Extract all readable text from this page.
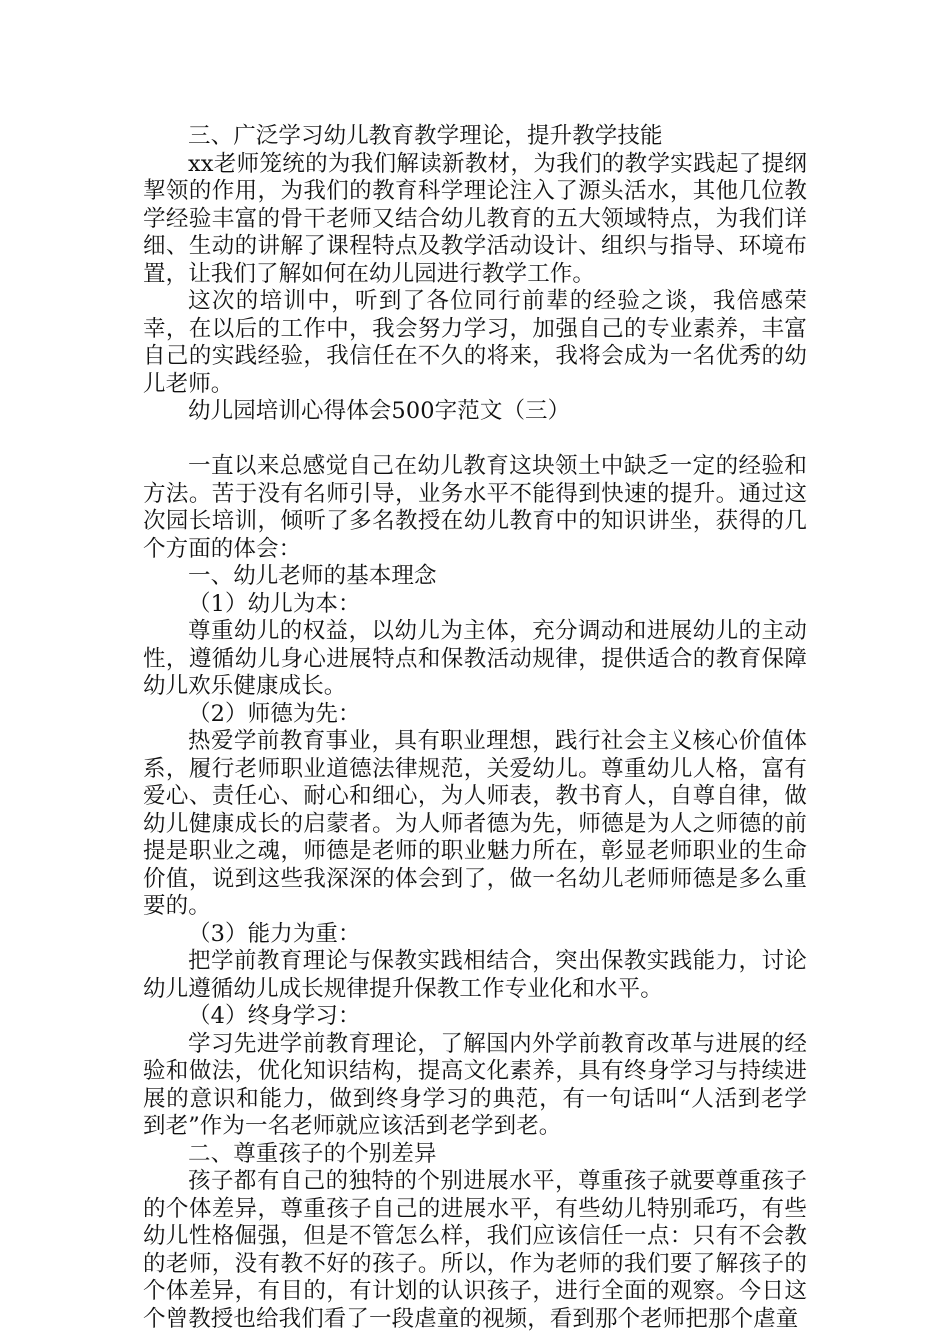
三、广泛学习幼儿教育教学理论，提升教学技能

xx老师笼统的为我们解读新教材，为我们的教学实践起了提纲挈领的作用，为我们的教育科学理论注入了源头活水，其他几位教学经验丰富的骨干老师又结合幼儿教育的五大领域特点，为我们详细、生动的讲解了课程特点及教学活动设计、组织与指导、环境布置，让我们了解如何在幼儿园进行教学工作。

这次的培训中，听到了各位同行前辈的经验之谈，我倍感荣幸，在以后的工作中，我会努力学习，加强自己的专业素养，丰富自己的实践经验，我信任在不久的将来，我将会成为一名优秀的幼儿老师。

幼儿园培训心得体会500字范文（三）

一直以来总感觉自己在幼儿教育这块领土中缺乏一定的经验和方法。苦于没有名师引导，业务水平不能得到快速的提升。通过这次园长培训，倾听了多名教授在幼儿教育中的知识讲坐，获得的几个方面的体会：

一、幼儿老师的基本理念

（1）幼儿为本：

尊重幼儿的权益，以幼儿为主体，充分调动和进展幼儿的主动性，遵循幼儿身心进展特点和保教活动规律，提供适合的教育保障幼儿欢乐健康成长。

（2）师德为先：

热爱学前教育事业，具有职业理想，践行社会主义核心价值体系，履行老师职业道德法律规范，关爱幼儿。尊重幼儿人格，富有爱心、责任心、耐心和细心，为人师表，教书育人，自尊自律，做幼儿健康成长的启蒙者。为人师者德为先，师德是为人之师德的前提是职业之魂，师德是老师的职业魅力所在，彰显老师职业的生命价值，说到这些我深深的体会到了，做一名幼儿老师师德是多么重要的。

（3）能力为重：

把学前教育理论与保教实践相结合，突出保教实践能力，讨论幼儿遵循幼儿成长规律提升保教工作专业化和水平。

（4）终身学习：

学习先进学前教育理论，了解国内外学前教育改革与进展的经验和做法，优化知识结构，提高文化素养，具有终身学习与持续进展的意识和能力，做到终身学习的典范，有一句话叫“人活到老学到老”作为一名老师就应该活到老学到老。

二、尊重孩子的个别差异

孩子都有自己的独特的个别进展水平，尊重孩子就要尊重孩子的个体差异，尊重孩子自己的进展水平，有些幼儿特别乖巧，有些幼儿性格倔强，但是不管怎么样，我们应该信任一点：只有不会教的老师，没有教不好的孩子。所以，作为老师的我们要了解孩子的个体差异，有目的，有计划的认识孩子，进行全面的观察。今日这个曾教授也给我们看了一段虐童的视频，看到那个老师把那个虐童
